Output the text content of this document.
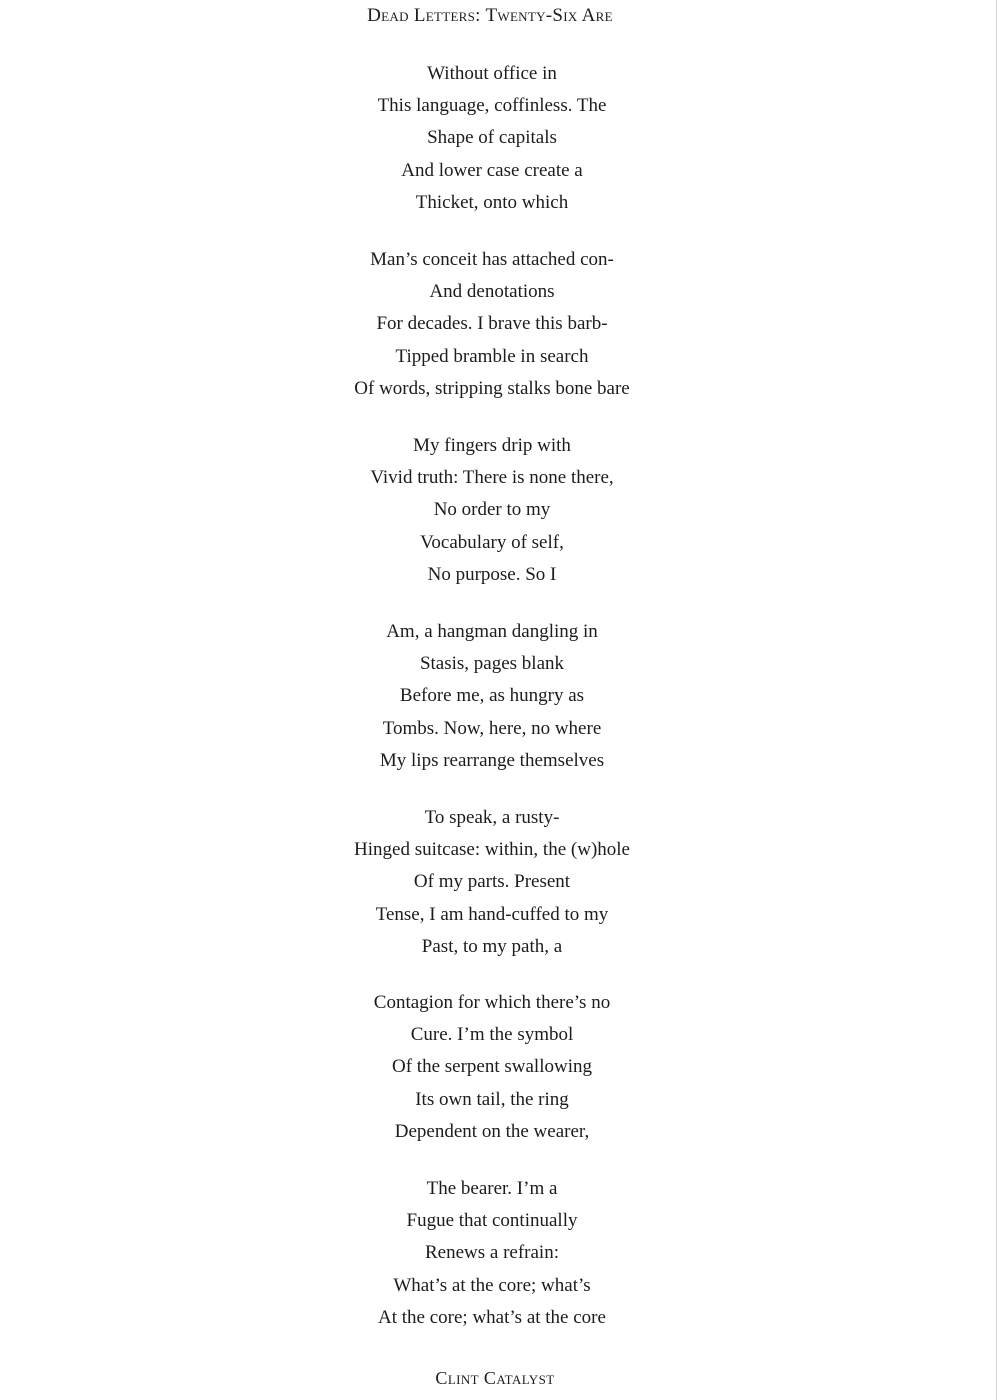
Dead Letters: Twenty-Six Are
Without office in
This language, coffinless. The
Shape of capitals
And lower case create a
Thicket, onto which
Man’s conceit has attached con-
And denotations
For decades. I brave this barb-
Tipped bramble in search
Of words, stripping stalks bone bare
My fingers drip with
Vivid truth: There is none there,
No order to my
Vocabulary of self,
No purpose. So I
Am, a hangman dangling in
Stasis, pages blank
Before me, as hungry as
Tombs. Now, here, no where
My lips rearrange themselves
To speak, a rusty-
Hinged suitcase: within, the (w)hole
Of my parts. Present
Tense, I am hand-cuffed to my
Past, to my path, a
Contagion for which there’s no
Cure. I’m the symbol
Of the serpent swallowing
Its own tail, the ring
Dependent on the wearer,
The bearer. I’m a
Fugue that continually
Renews a refrain:
What’s at the core; what’s
At the core; what’s at the core
Clint Catalyst
